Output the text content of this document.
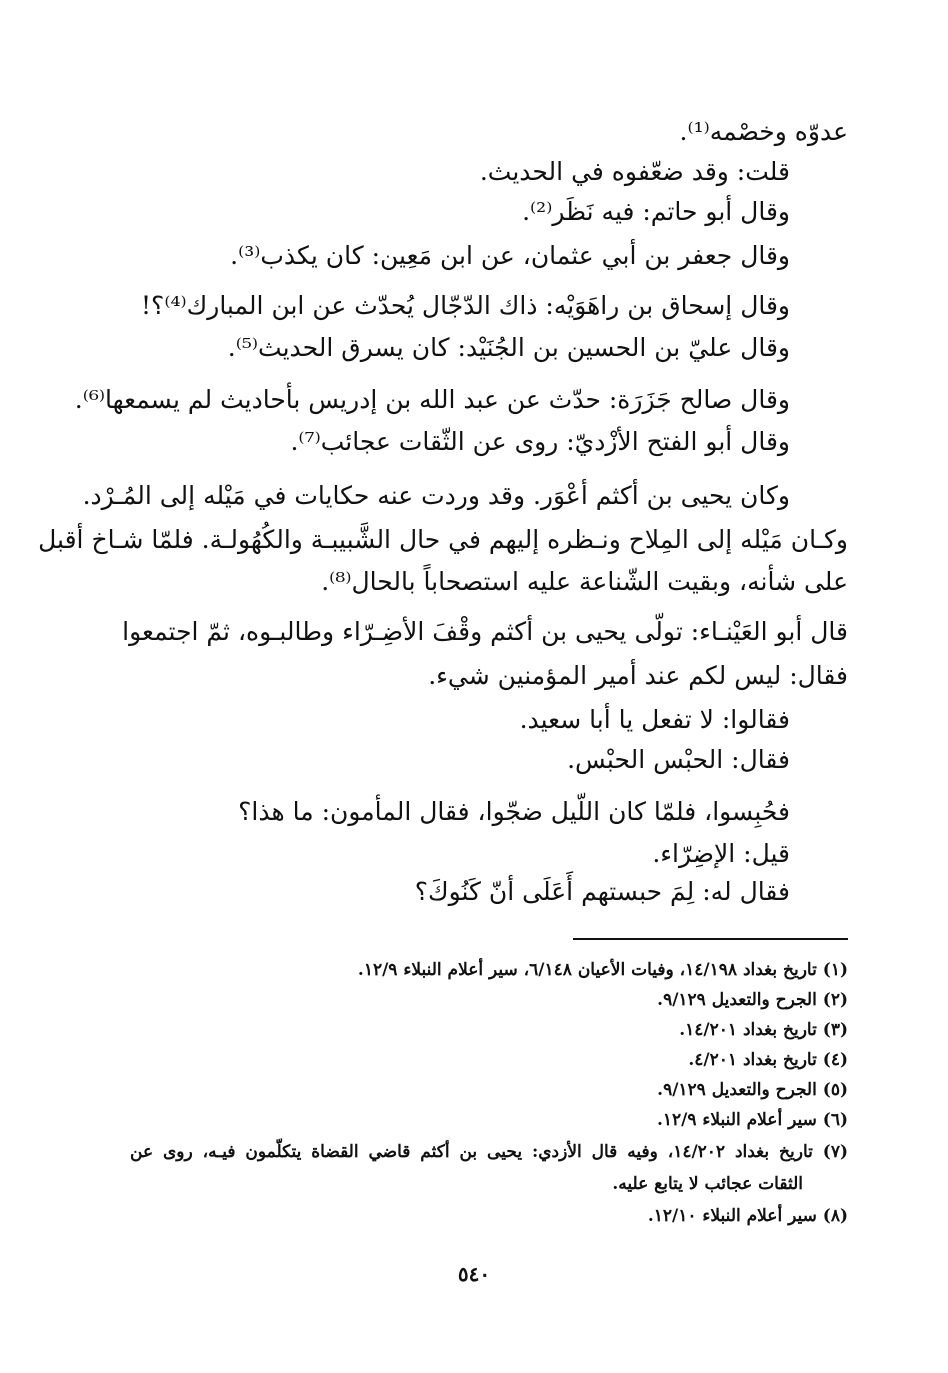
عدوّه وخصْمه⁽¹⁾.
قلت: وقد ضعّفوه في الحديث.
وقال أبو حاتم: فيه نَظَر⁽²⁾.
وقال جعفر بن أبي عثمان، عن ابن مَعِين: كان يكذب⁽³⁾.
وقال إسحاق بن راهَوَيْه: ذاك الدّجّال يُحدّث عن ابن المبارك⁽⁴⁾؟!
وقال عليّ بن الحسين بن الجُنَيْد: كان يسرق الحديث⁽⁵⁾.
وقال صالح جَزَرَة: حدّث عن عبد الله بن إدريس بأحاديث لم يسمعها⁽⁶⁾.
وقال أبو الفتح الأزْديّ: روى عن الثّقات عجائب⁽⁷⁾.
وكان يحيى بن أكثم أعْوَر. وقد وردت عنه حكايات في مَيْله إلى المُـرْد.
وكـان مَيْله إلى المِلاح ونـظره إليهم في حال الشَّبيبـة والكُهُولـة. فلمّا شـاخ أقبل
على شأنه، وبقيت الشّناعة عليه استصحاباً بالحال⁽⁸⁾.
قال أبو العَيْنـاء: تولّى يحيى بن أكثم وقْفَ الأضِـرّاء وطالبـوه، ثمّ اجتمعوا
فقال: ليس لكم عند أمير المؤمنين شيء.
فقالوا: لا تفعل يا أبا سعيد.
فقال: الحبْس الحبْس.
فحُبِسوا، فلمّا كان اللّيل ضجّوا، فقال المأمون: ما هذا؟
قيل: الإضِرّاء.
فقال له: لِمَ حبستهم أَعَلَى أنّ كَنُوكَ؟
(١) تاريخ بغداد ١٤/١٩٨، وفيات الأعيان ٦/١٤٨، سير أعلام النبلاء ١٢/٩.
(٢) الجرح والتعديل ٩/١٢٩.
(٣) تاريخ بغداد ١٤/٢٠١.
(٤) تاريخ بغداد ٤/٢٠١.
(٥) الجرح والتعديل ٩/١٢٩.
(٦) سير أعلام النبلاء ١٢/٩.
(٧) تاريخ بغداد ١٤/٢٠٢، وفيه قال الأزدي: يحيى بن أكثم قاضي القضاة يتكلّمون فيـه، روى عن
الثقات عجائب لا يتابع عليه.
(٨) سير أعلام النبلاء ١٢/١٠.
٥٤٠
